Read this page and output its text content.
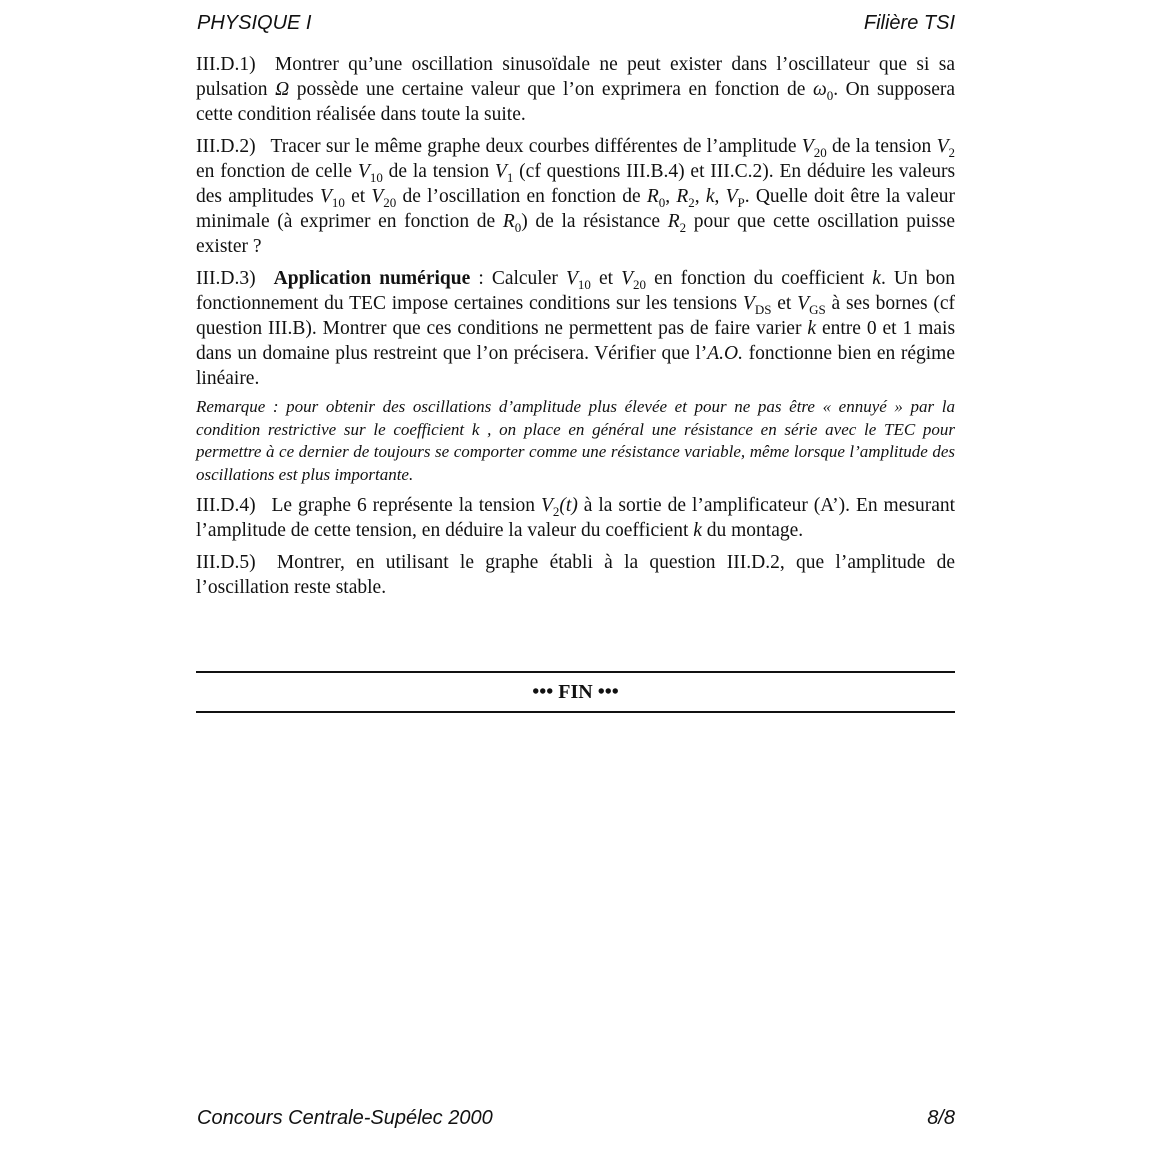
PHYSIQUE I	Filière TSI

III.D.1) Montrer qu’une oscillation sinusoïdale ne peut exister dans l’oscillateur que si sa pulsation Ω possède une certaine valeur que l’on exprimera en fonction de $\omega_0$. On supposera cette condition réalisée dans toute la suite.

III.D.2) Tracer sur le même graphe deux courbes différentes de l’amplitude $V_{20}$ de la tension $V_2$ en fonction de celle $V_{10}$ de la tension $V_1$ (cf questions III.B.4) et III.C.2). En déduire les valeurs des amplitudes $V_{10}$ et $V_{20}$ de l’oscillation en fonction de $R_0$, $R_2$, k, $V_P$. Quelle doit être la valeur minimale (à exprimer en fonction de $R_0$) de la résistance $R_2$ pour que cette oscillation puisse exister ?

III.D.3) Application numérique : Calculer $V_{10}$ et $V_{20}$ en fonction du coefficient k. Un bon fonctionnement du TEC impose certaines conditions sur les tensions $V_{DS}$ et $V_{GS}$ à ses bornes (cf question III.B). Montrer que ces conditions ne permettent pas de faire varier k entre 0 et 1 mais dans un domaine plus restreint que l’on précisera. Vérifier que l’A.O. fonctionne bien en régime linéaire.

Remarque : pour obtenir des oscillations d’amplitude plus élevée et pour ne pas être « ennuyé » par la condition restrictive sur le coefficient k , on place en général une résistance en série avec le TEC pour permettre à ce dernier de toujours se comporter comme une résistance variable, même lorsque l’amplitude des oscillations est plus importante.

III.D.4) Le graphe 6 représente la tension $V_2(t)$ à la sortie de l’amplificateur (A’). En mesurant l’amplitude de cette tension, en déduire la valeur du coefficient k du montage.

III.D.5) Montrer, en utilisant le graphe établi à la question III.D.2, que l’amplitude de l’oscillation reste stable.

••• FIN •••
Concours Centrale-Supélec 2000	8/8
